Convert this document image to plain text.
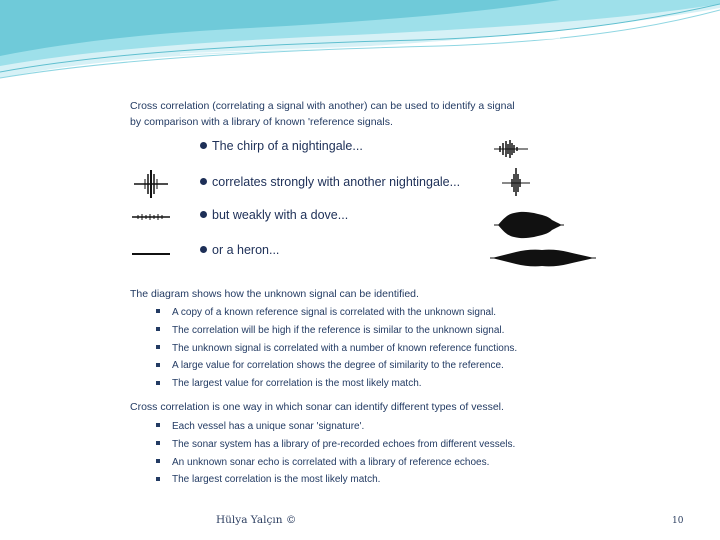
Cross correlation (correlating a signal with another) can be used to identify a signal
by comparison with a library of known 'reference signals.
The chirp of a nightingale...
correlates strongly with another nightingale...
but weakly with a dove...
or a heron...
The diagram shows how the unknown signal can be identified.
A copy of a known reference signal is correlated with the unknown signal.
The correlation will be high if the reference is similar to the unknown signal.
The unknown signal is correlated with a number of known reference functions.
A large value for correlation shows the degree of similarity to the reference.
The largest value for correlation is the most likely match.
Cross correlation is one way in which sonar can identify different types of vessel.
Each vessel has a unique sonar 'signature'.
The sonar system has a library of pre-recorded echoes from different vessels.
An unknown sonar echo is correlated with a library of reference echoes.
The largest correlation is the most likely match.
Hülya Yalçın ©	10
